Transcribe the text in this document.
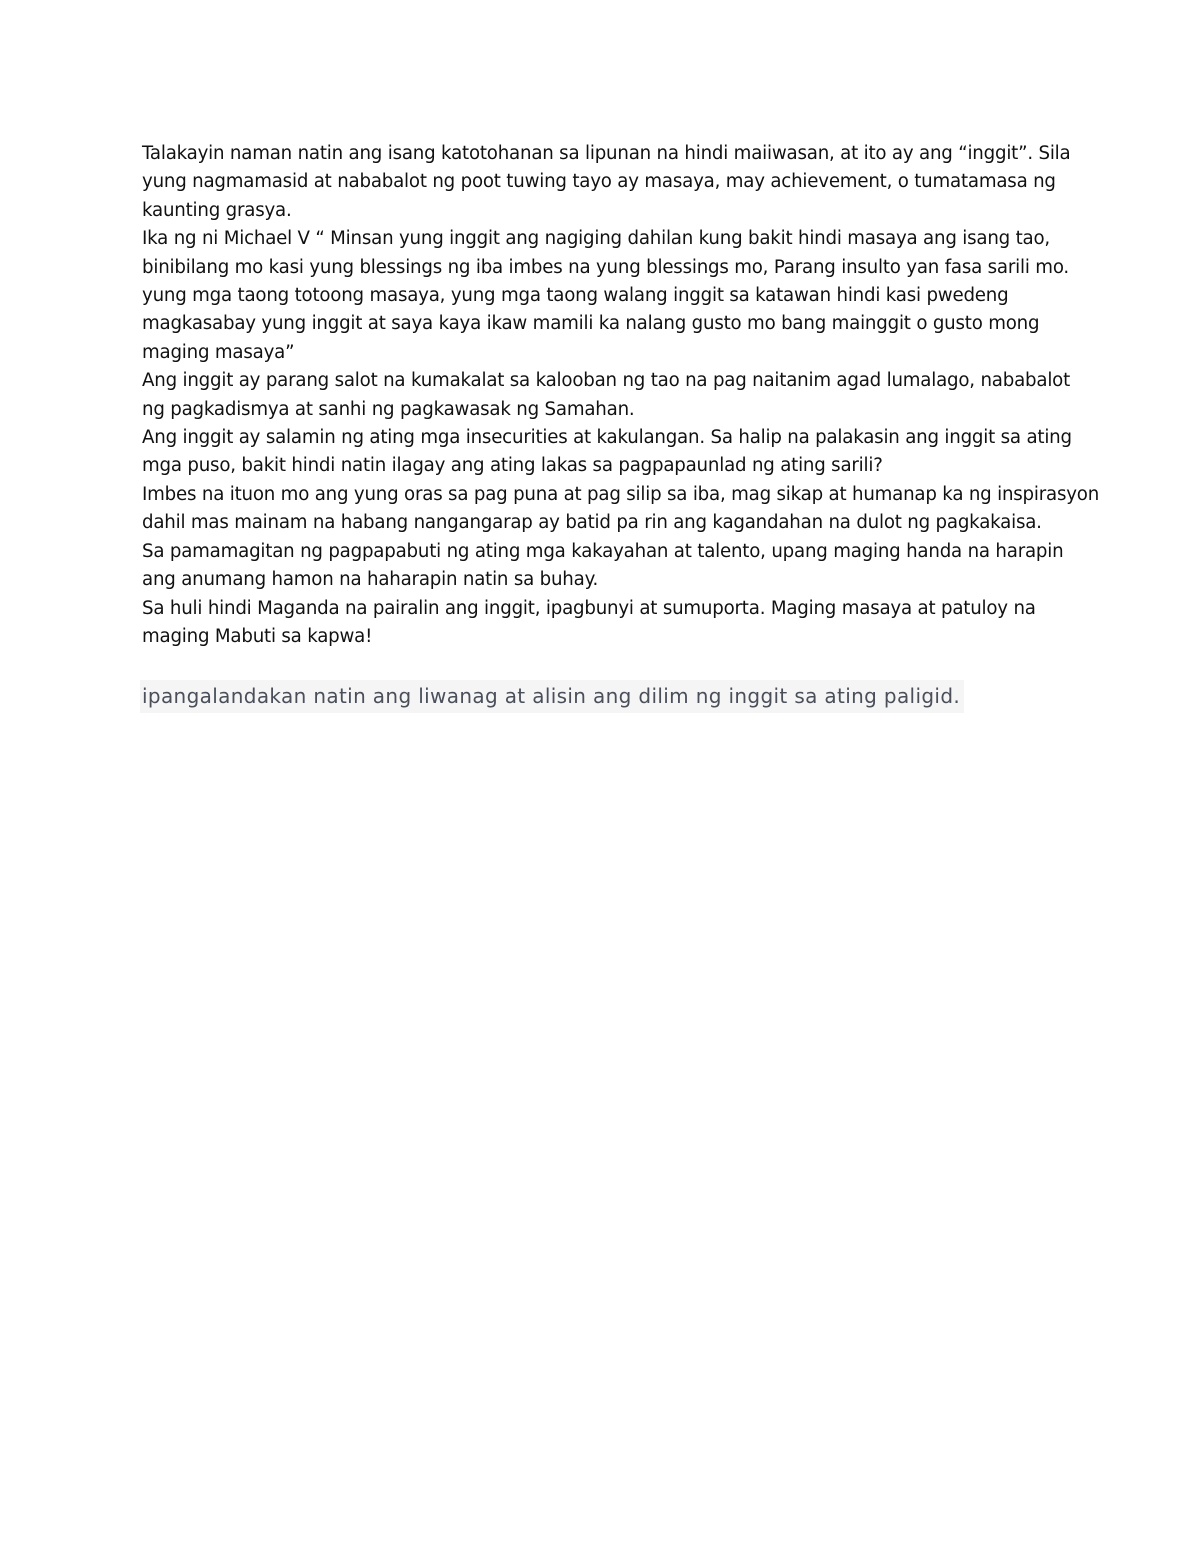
Talakayin naman natin ang isang katotohanan sa lipunan na hindi maiiwasan, at ito ay ang “inggit”. Sila
yung nagmamasid at nababalot ng poot tuwing tayo ay masaya, may achievement, o tumatamasa ng
kaunting grasya.
Ika ng ni Michael V “ Minsan yung inggit ang nagiging dahilan kung bakit hindi masaya ang isang tao,
binibilang mo kasi yung blessings ng iba imbes na yung blessings mo, Parang insulto yan fasa sarili mo.
yung mga taong totoong masaya, yung mga taong walang inggit sa katawan hindi kasi pwedeng
magkasabay yung inggit at saya kaya ikaw mamili ka nalang gusto mo bang mainggit o gusto mong
maging masaya”
Ang inggit ay parang salot na kumakalat sa kalooban ng tao na pag naitanim agad lumalago, nababalot
ng pagkadismya at sanhi ng pagkawasak ng Samahan.
Ang inggit ay salamin ng ating mga insecurities at kakulangan. Sa halip na palakasin ang inggit sa ating
mga puso, bakit hindi natin ilagay ang ating lakas sa pagpapaunlad ng ating sarili?
Imbes na ituon mo ang yung oras sa pag puna at pag silip sa iba, mag sikap at humanap ka ng inspirasyon
dahil mas mainam na habang nangangarap ay batid pa rin ang kagandahan na dulot ng pagkakaisa.
Sa pamamagitan ng pagpapabuti ng ating mga kakayahan at talento, upang maging handa na harapin
ang anumang hamon na haharapin natin sa buhay.
Sa huli hindi Maganda na pairalin ang inggit, ipagbunyi at sumuporta. Maging masaya at patuloy na
maging Mabuti sa kapwa!
ipangalandakan natin ang liwanag at alisin ang dilim ng inggit sa ating paligid.
